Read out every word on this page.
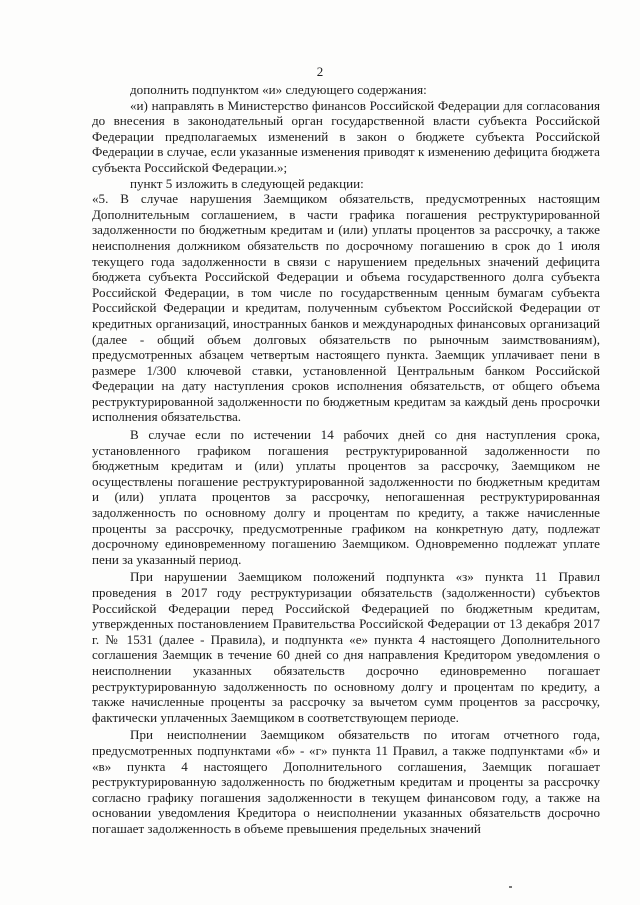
2

дополнить подпунктом «и» следующего содержания:

«и) направлять в Министерство финансов Российской Федерации для согласования до внесения в законодательный орган государственной власти субъекта Российской Федерации предполагаемых изменений в закон о бюджете субъекта Российской Федерации в случае, если указанные изменения приводят к изменению дефицита бюджета субъекта Российской Федерации.»;

пункт 5 изложить в следующей редакции:

«5. В случае нарушения Заемщиком обязательств, предусмотренных настоящим Дополнительным соглашением, в части графика погашения реструктурированной задолженности по бюджетным кредитам и (или) уплаты процентов за рассрочку, а также неисполнения должником обязательств по досрочному погашению в срок до 1 июля текущего года задолженности в связи с нарушением предельных значений дефицита бюджета субъекта Российской Федерации и объема государственного долга субъекта Российской Федерации, в том числе по государственным ценным бумагам субъекта Российской Федерации и кредитам, полученным субъектом Российской Федерации от кредитных организаций, иностранных банков и международных финансовых организаций (далее - общий объем долговых обязательств по рыночным заимствованиям), предусмотренных абзацем четвертым настоящего пункта. Заемщик уплачивает пени в размере 1/300 ключевой ставки, установленной Центральным банком Российской Федерации на дату наступления сроков исполнения обязательств, от общего объема реструктурированной задолженности по бюджетным кредитам за каждый день просрочки исполнения обязательства.

В случае если по истечении 14 рабочих дней со дня наступления срока, установленного графиком погашения реструктурированной задолженности по бюджетным кредитам и (или) уплаты процентов за рассрочку, Заемщиком не осуществлены погашение реструктурированной задолженности по бюджетным кредитам и (или) уплата процентов за рассрочку, непогашенная реструктурированная задолженность по основному долгу и процентам по кредиту, а также начисленные проценты за рассрочку, предусмотренные графиком на конкретную дату, подлежат досрочному единовременному погашению Заемщиком. Одновременно подлежат уплате пени за указанный период.

При нарушении Заемщиком положений подпункта «з» пункта 11 Правил проведения в 2017 году реструктуризации обязательств (задолженности) субъектов Российской Федерации перед Российской Федерацией по бюджетным кредитам, утвержденных постановлением Правительства Российской Федерации от 13 декабря 2017 г. № 1531 (далее - Правила), и подпункта «е» пункта 4 настоящего Дополнительного соглашения Заемщик в течение 60 дней со дня направления Кредитором уведомления о неисполнении указанных обязательств досрочно единовременно погашает реструктурированную задолженность по основному долгу и процентам по кредиту, а также начисленные проценты за рассрочку за вычетом сумм процентов за рассрочку, фактически уплаченных Заемщиком в соответствующем периоде.

При неисполнении Заемщиком обязательств по итогам отчетного года, предусмотренных подпунктами «б» - «г» пункта 11 Правил, а также подпунктами «б» и «в» пункта 4 настоящего Дополнительного соглашения, Заемщик погашает реструктурированную задолженность по бюджетным кредитам и проценты за рассрочку согласно графику погашения задолженности в текущем финансовом году, а также на основании уведомления Кредитора о неисполнении указанных обязательств досрочно погашает задолженность в объеме превышения предельных значений
